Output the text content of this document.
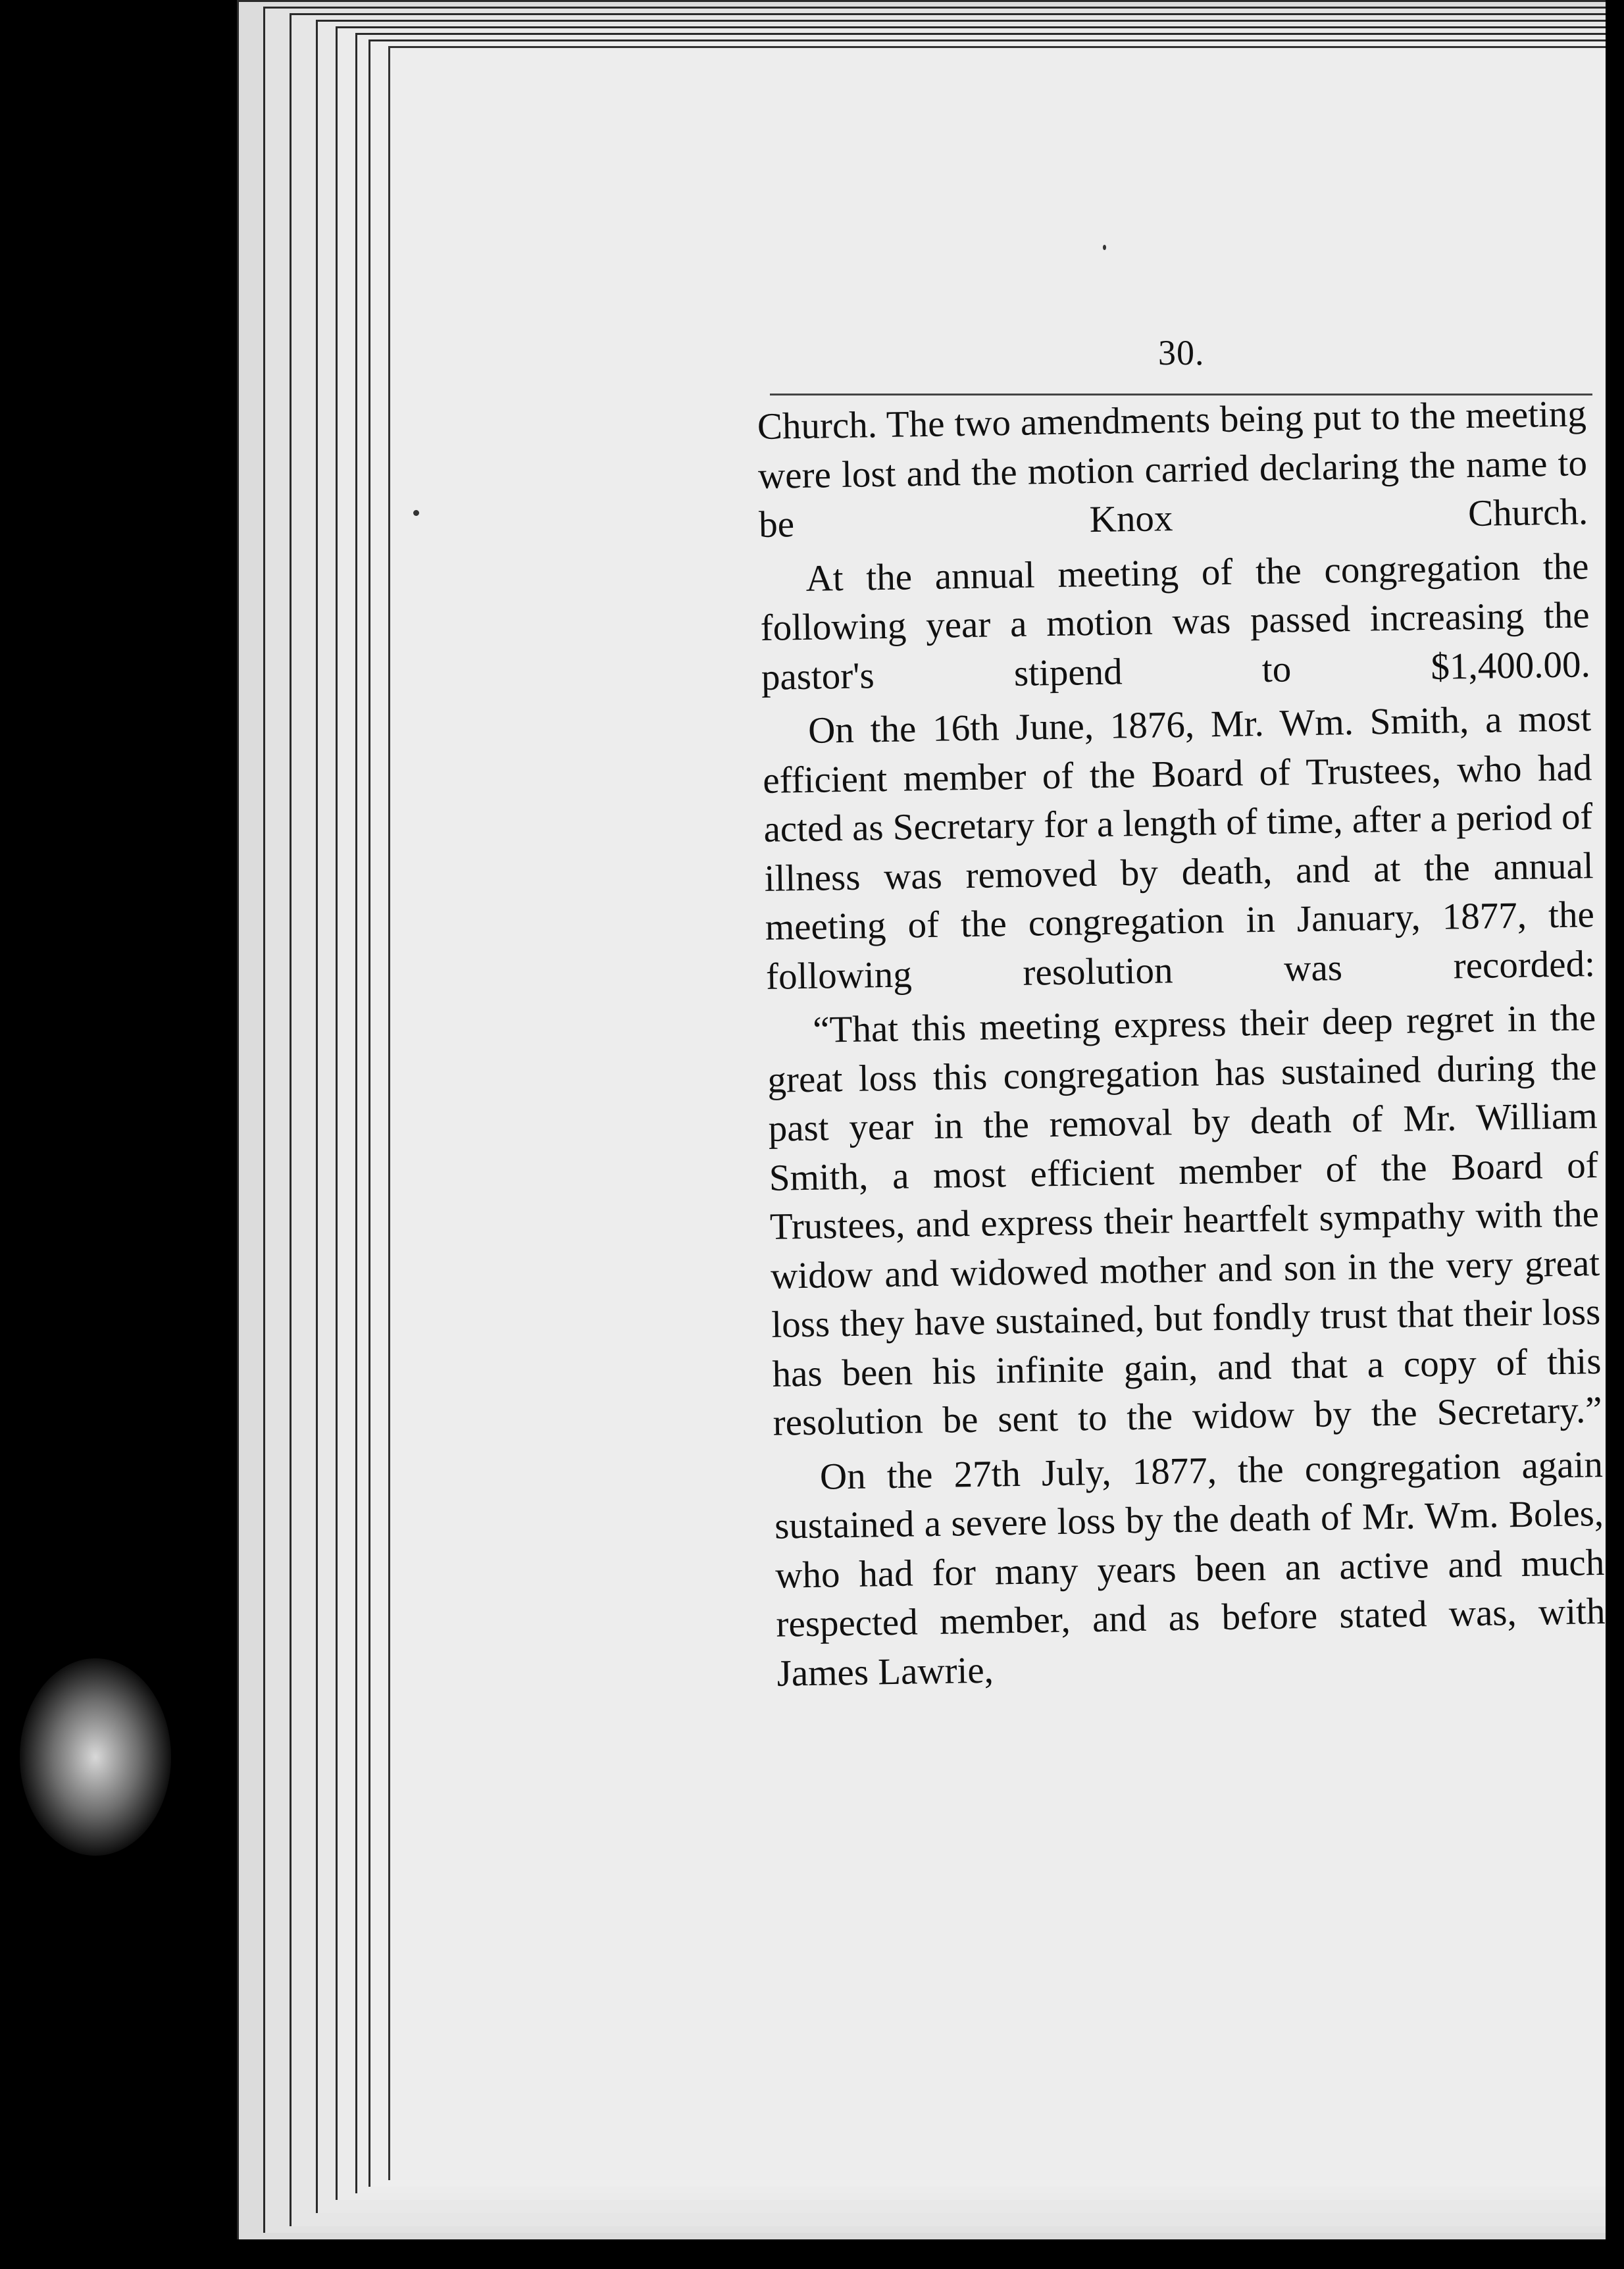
30.

Church. The two amendments being put to the meeting were lost and the motion carried declaring the name to be Knox Church.

At the annual meeting of the congregation the following year a motion was passed increasing the pastor's stipend to $1,400.00.

On the 16th June, 1876, Mr. Wm. Smith, a most efficient member of the Board of Trustees, who had acted as Secretary for a length of time, after a period of illness was removed by death, and at the annual meeting of the congregation in January, 1877, the following resolution was recorded:

“That this meeting express their deep regret in the great loss this congregation has sustained during the past year in the removal by death of Mr. William Smith, a most efficient member of the Board of Trustees, and express their heartfelt sympathy with the widow and widowed mother and son in the very great loss they have sustained, but fondly trust that their loss has been his infinite gain, and that a copy of this resolution be sent to the widow by the Secretary.”

On the 27th July, 1877, the congregation again sustained a severe loss by the death of Mr. Wm. Boles, who had for many years been an active and much respected member, and as before stated was, with James Lawrie,
